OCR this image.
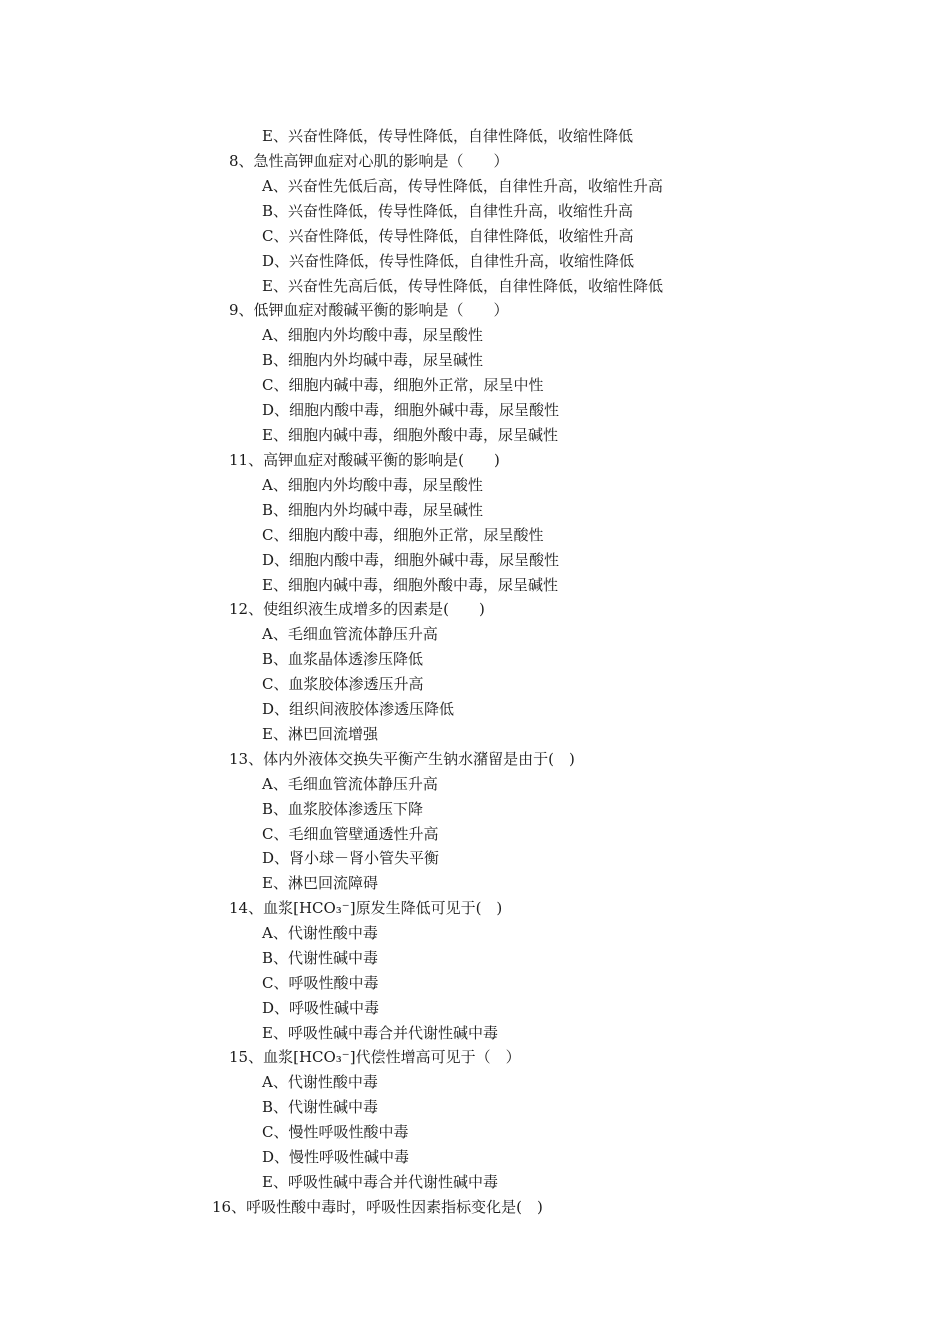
E、兴奋性降低，传导性降低，自律性降低，收缩性降低
8、急性高钾血症对心肌的影响是（　　）
A、兴奋性先低后高，传导性降低，自律性升高，收缩性升高
B、兴奋性降低，传导性降低，自律性升高，收缩性升高
C、兴奋性降低，传导性降低，自律性降低，收缩性升高
D、兴奋性降低，传导性降低，自律性升高，收缩性降低
E、兴奋性先高后低，传导性降低，自律性降低，收缩性降低
9、低钾血症对酸碱平衡的影响是（　　）
A、细胞内外均酸中毒，尿呈酸性
B、细胞内外均碱中毒，尿呈碱性
C、细胞内碱中毒，细胞外正常，尿呈中性
D、细胞内酸中毒，细胞外碱中毒，尿呈酸性
E、细胞内碱中毒，细胞外酸中毒，尿呈碱性
11、高钾血症对酸碱平衡的影响是(　　)
A、细胞内外均酸中毒，尿呈酸性
B、细胞内外均碱中毒，尿呈碱性
C、细胞内酸中毒，细胞外正常，尿呈酸性
D、细胞内酸中毒，细胞外碱中毒，尿呈酸性
E、细胞内碱中毒，细胞外酸中毒，尿呈碱性
12、使组织液生成增多的因素是(　　)
A、毛细血管流体静压升高
B、血浆晶体透渗压降低
C、血浆胶体渗透压升高
D、组织间液胶体渗透压降低
E、淋巴回流增强
13、体内外液体交换失平衡产生钠水潴留是由于(　)
A、毛细血管流体静压升高
B、血浆胶体渗透压下降
C、毛细血管壁通透性升高
D、肾小球－肾小管失平衡
E、淋巴回流障碍
14、血浆[HCO₃⁻]原发生降低可见于(　)
A、代谢性酸中毒
B、代谢性碱中毒
C、呼吸性酸中毒
D、呼吸性碱中毒
E、呼吸性碱中毒合并代谢性碱中毒
15、血浆[HCO₃⁻]代偿性增高可见于（　）
A、代谢性酸中毒
B、代谢性碱中毒
C、慢性呼吸性酸中毒
D、慢性呼吸性碱中毒
E、呼吸性碱中毒合并代谢性碱中毒
16、呼吸性酸中毒时，呼吸性因素指标变化是(　)
